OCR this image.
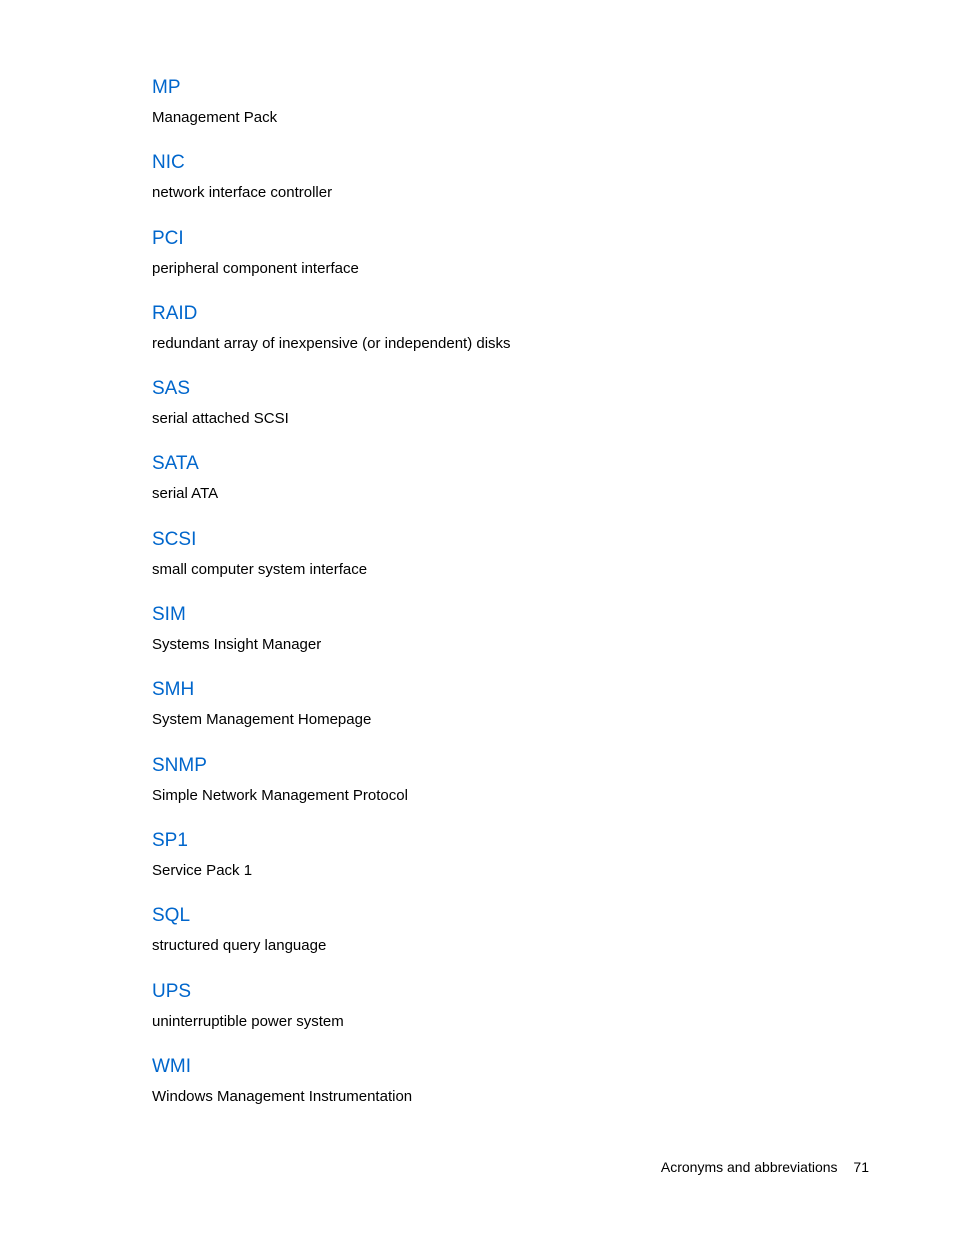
MP
Management Pack
NIC
network interface controller
PCI
peripheral component interface
RAID
redundant array of inexpensive (or independent) disks
SAS
serial attached SCSI
SATA
serial ATA
SCSI
small computer system interface
SIM
Systems Insight Manager
SMH
System Management Homepage
SNMP
Simple Network Management Protocol
SP1
Service Pack 1
SQL
structured query language
UPS
uninterruptible power system
WMI
Windows Management Instrumentation
Acronyms and abbreviations 71
